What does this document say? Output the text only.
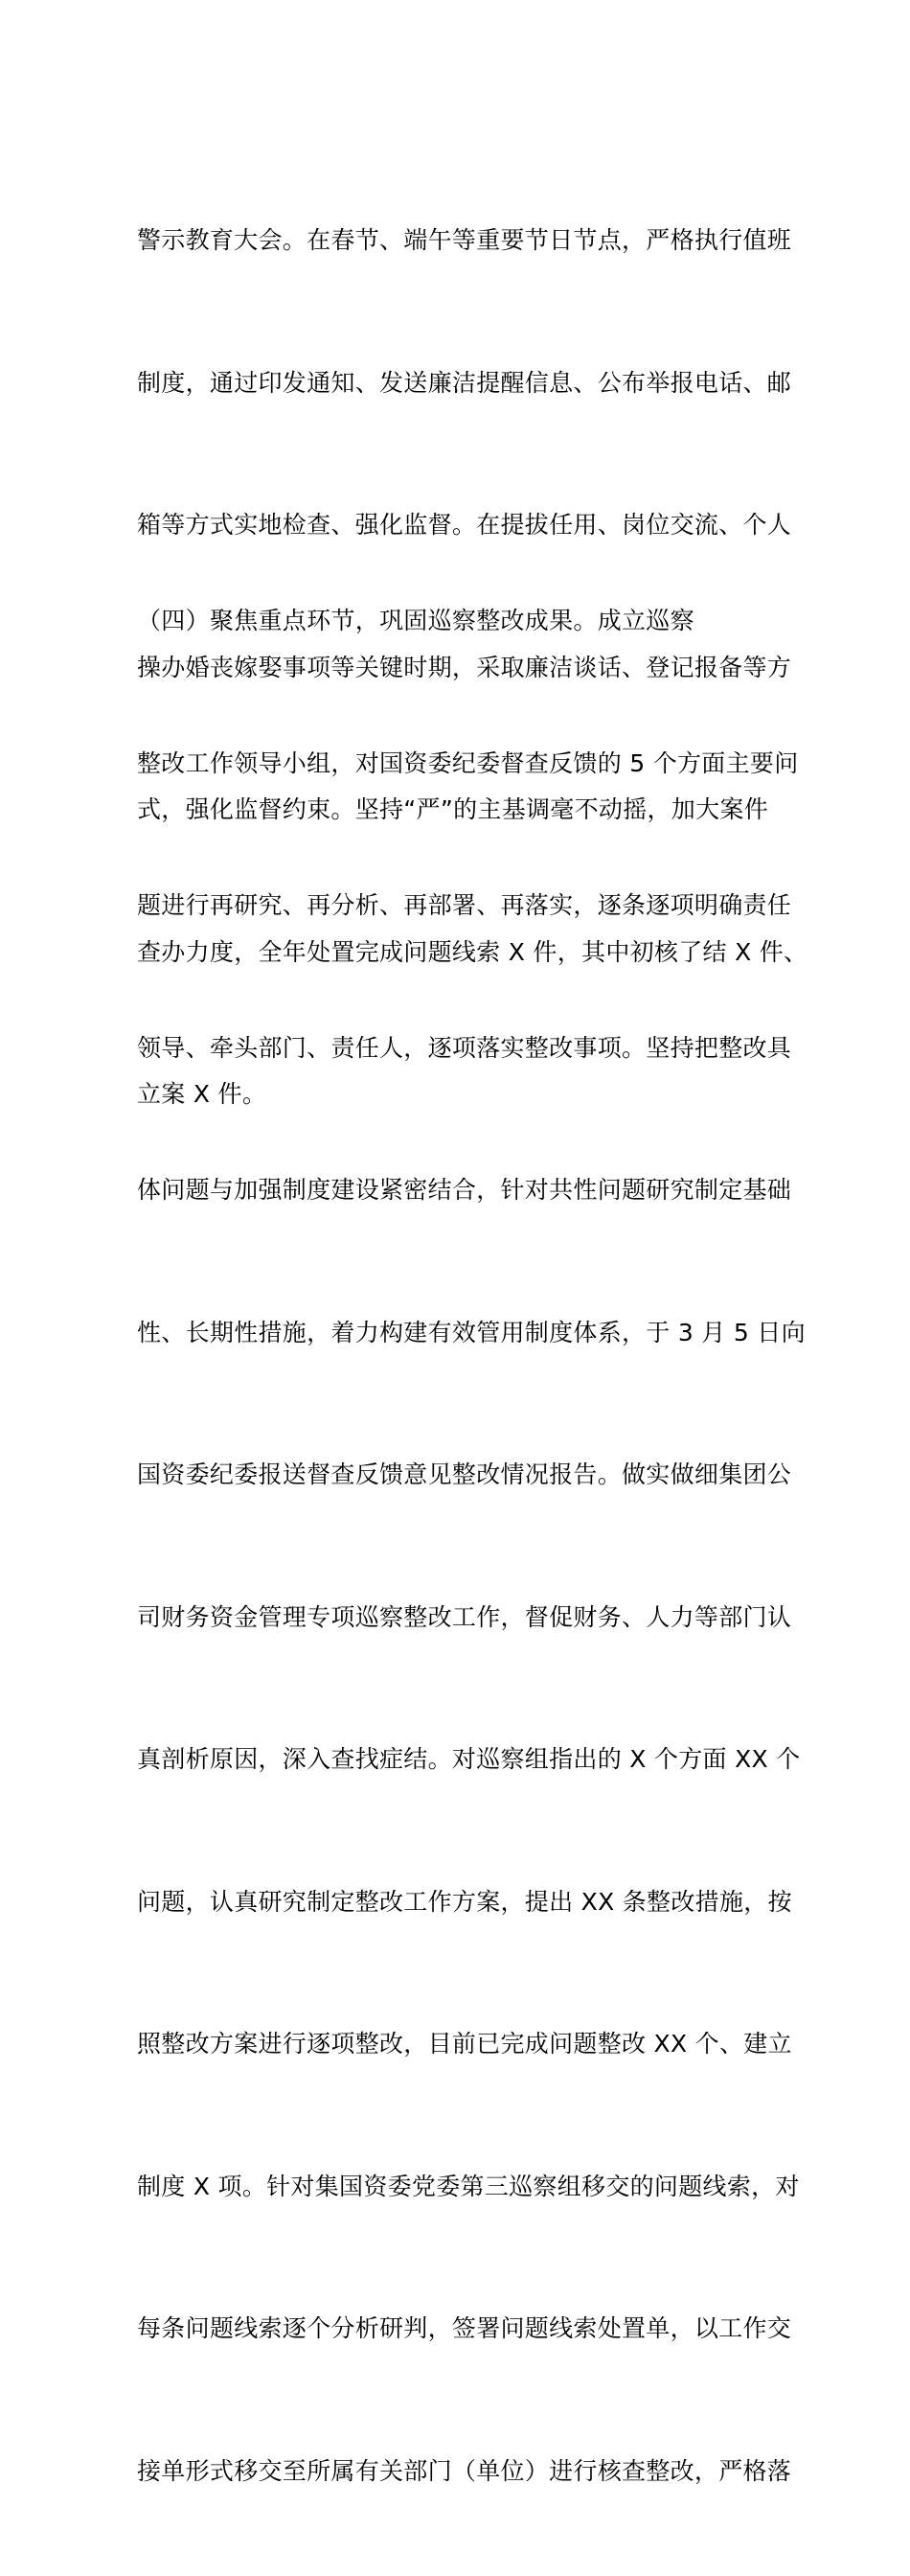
警示教育大会。在春节、端午等重要节日节点，严格执行值班

制度，通过印发通知、发送廉洁提醒信息、公布举报电话、邮

箱等方式实地检查、强化监督。在提拔任用、岗位交流、个人

操办婚丧嫁娶事项等关键时期，采取廉洁谈话、登记报备等方

式，强化监督约束。坚持“严”的主基调毫不动摇，加大案件

查办力度，全年处置完成问题线索 X 件，其中初核了结 X 件、

立案 X 件。

（四）聚焦重点环节，巩固巡察整改成果。成立巡察

整改工作领导小组，对国资委纪委督查反馈的 5 个方面主要问

题进行再研究、再分析、再部署、再落实，逐条逐项明确责任

领导、牵头部门、责任人，逐项落实整改事项。坚持把整改具

体问题与加强制度建设紧密结合，针对共性问题研究制定基础

性、长期性措施，着力构建有效管用制度体系，于 3 月 5 日向

国资委纪委报送督查反馈意见整改情况报告。做实做细集团公

司财务资金管理专项巡察整改工作，督促财务、人力等部门认

真剖析原因，深入查找症结。对巡察组指出的 X 个方面 XX 个

问题，认真研究制定整改工作方案，提出 XX 条整改措施，按

照整改方案进行逐项整改，目前已完成问题整改 XX 个、建立

制度 X 项。针对集国资委党委第三巡察组移交的问题线索，对

每条问题线索逐个分析研判，签署问题线索处置单，以工作交

接单形式移交至所属有关部门（单位）进行核查整改，严格落
